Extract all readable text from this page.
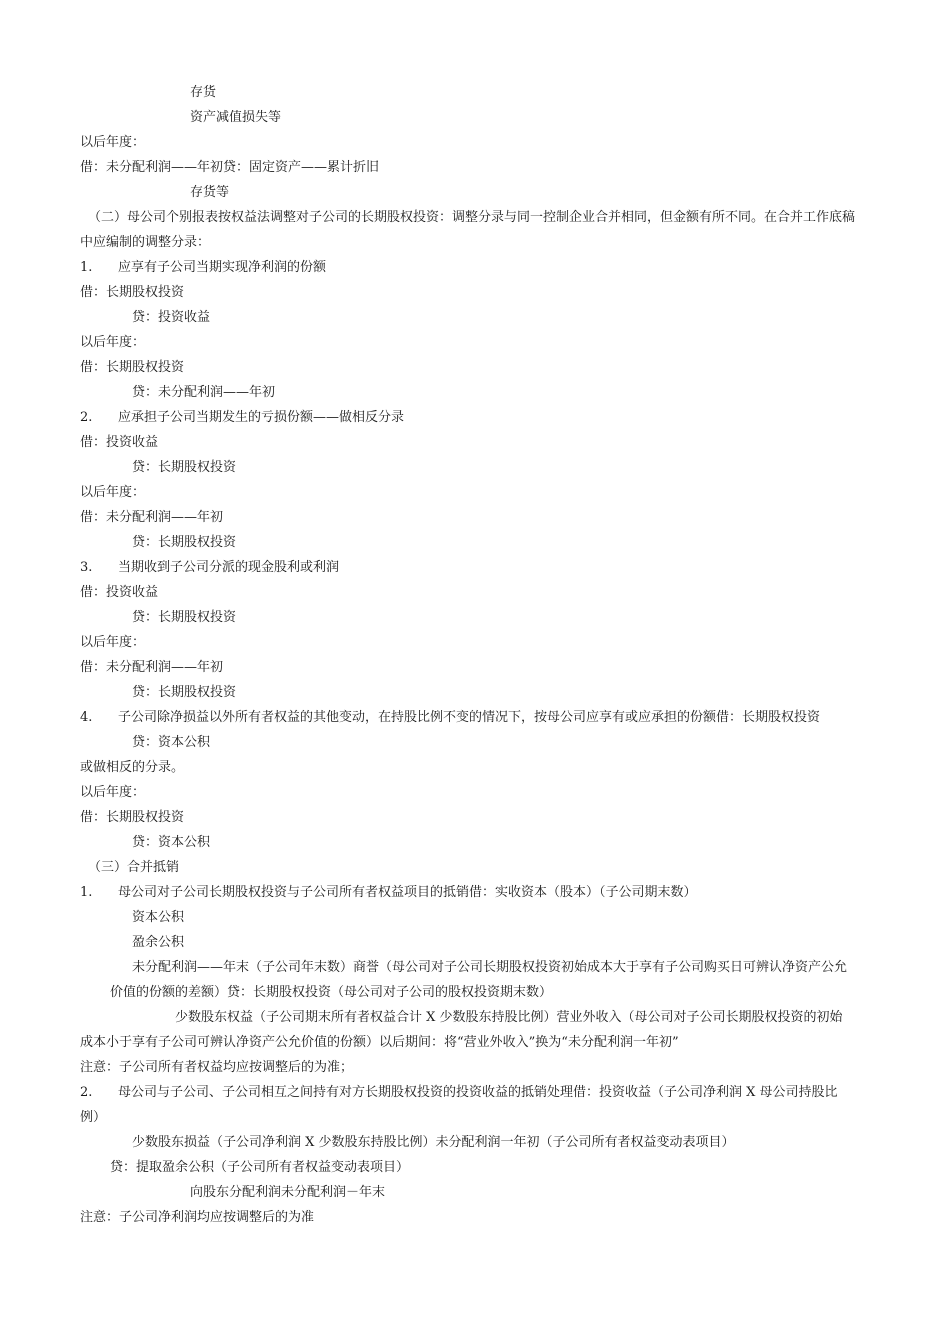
存货
资产减值损失等
以后年度：
借：未分配利润——年初贷：固定资产——累计折旧
存货等
（二）母公司个别报表按权益法调整对子公司的长期股权投资：调整分录与同一控制企业合并相同，但金额有所不同。在合并工作底稿中应编制的调整分录：
1. 应享有子公司当期实现净利润的份额
借：长期股权投资
贷：投资收益
以后年度：
借：长期股权投资
贷：未分配利润——年初
2. 应承担子公司当期发生的亏损份额——做相反分录
借：投资收益
贷：长期股权投资
以后年度：
借：未分配利润——年初
贷：长期股权投资
3. 当期收到子公司分派的现金股利或利润
借：投资收益
贷：长期股权投资
以后年度：
借：未分配利润——年初
贷：长期股权投资
4. 子公司除净损益以外所有者权益的其他变动，在持股比例不变的情况下，按母公司应享有或应承担的份额借：长期股权投资
贷：资本公积
或做相反的分录。
以后年度：
借：长期股权投资
贷：资本公积
（三）合并抵销
1. 母公司对子公司长期股权投资与子公司所有者权益项目的抵销借：实收资本（股本）（子公司期末数）
资本公积
盈余公积
未分配利润——年末（子公司年末数）商誉（母公司对子公司长期股权投资初始成本大于享有子公司购买日可辨认净资产公允价值的份额的差额）贷：长期股权投资（母公司对子公司的股权投资期末数）
少数股东权益（子公司期末所有者权益合计 X 少数股东持股比例）营业外收入（母公司对子公司长期股权投资的初始成本小于享有子公司可辨认净资产公允价值的份额）以后期间：将“营业外收入”换为“未分配利润一年初”
注意：子公司所有者权益均应按调整后的为准；
2. 母公司与子公司、子公司相互之间持有对方长期股权投资的投资收益的抵销处理借：投资收益（子公司净利润 X 母公司持股比例）
少数股东损益（子公司净利润 X 少数股东持股比例）未分配利润一年初（子公司所有者权益变动表项目）
贷：提取盈余公积（子公司所有者权益变动表项目）
向股东分配利润未分配利润－年末
注意：子公司净利润均应按调整后的为准
